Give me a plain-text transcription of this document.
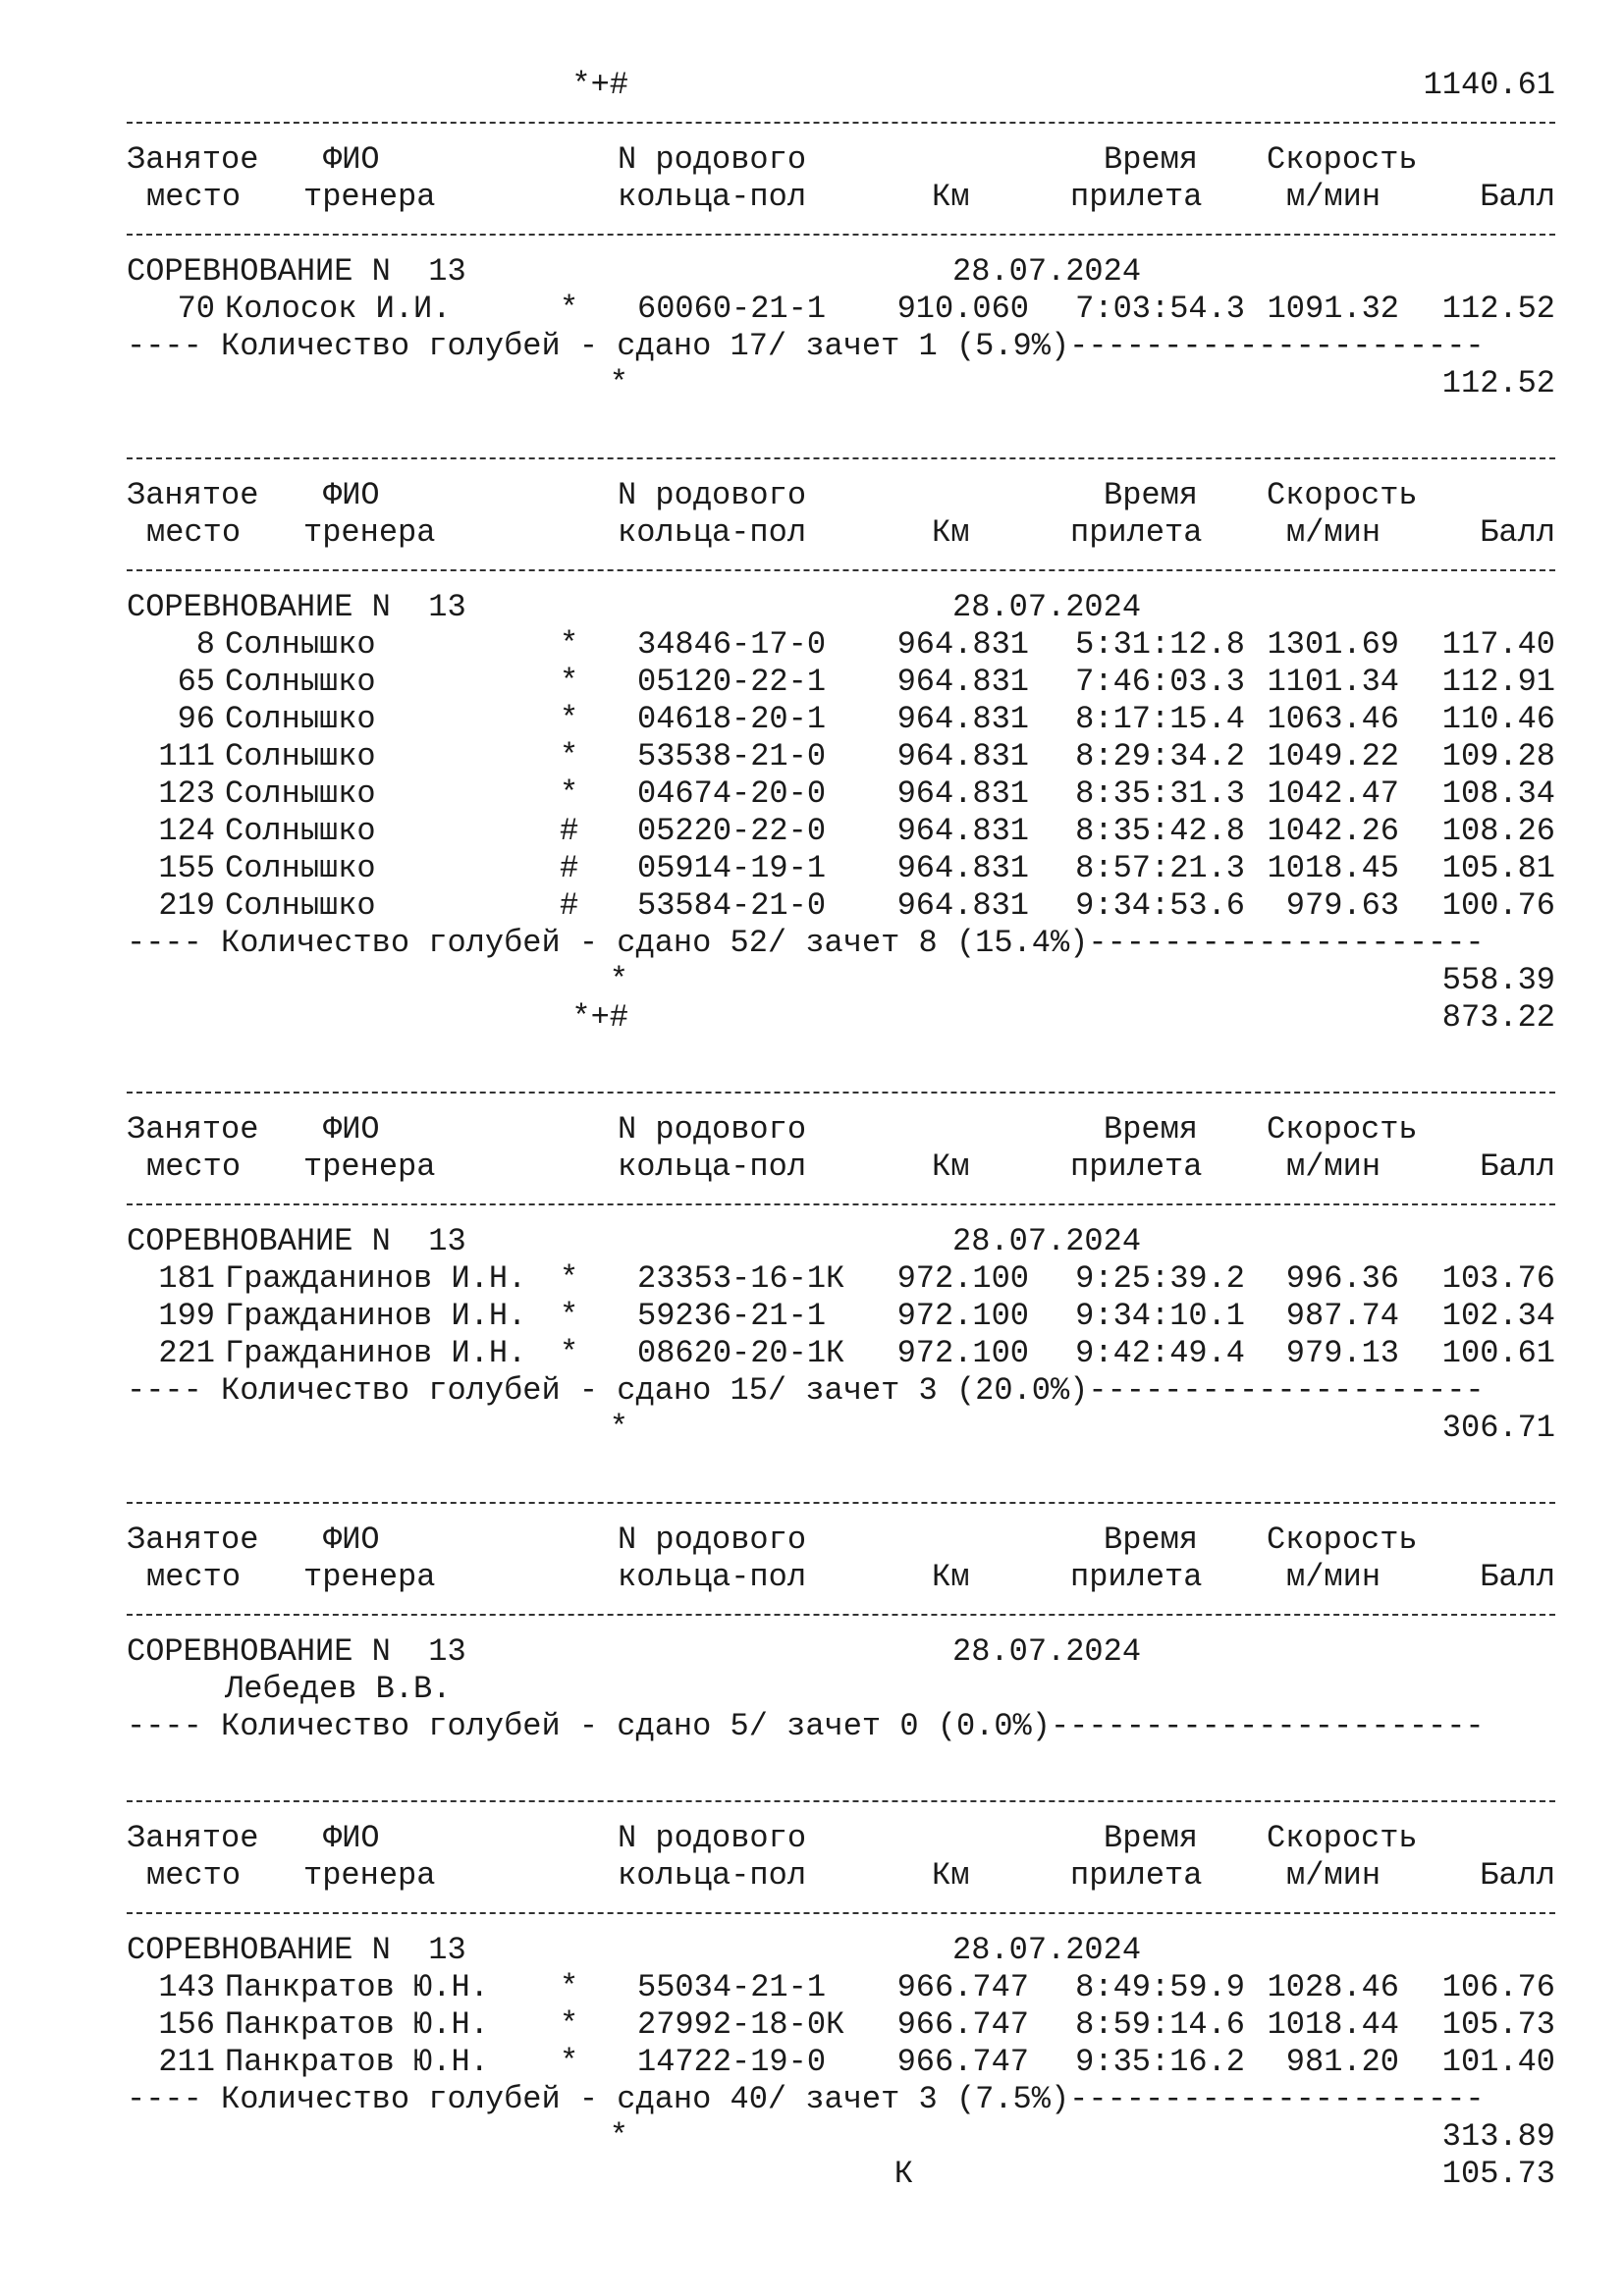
*+#	1140.61
Занятое ФИО	N родового	Время Скорость
место тренера	кольца-пол	Км	прилета	м/мин	Балл
СОРЕВНОВАНИЕ N  13	28.07.2024
70 Колосок И.И.	* 60060-21-1	910.060	7:03:54.3 1091.32	112.52
---- Количество голубей - сдано 17/ зачет 1 (5.9%)----------------------
*	112.52
Занятое ФИО	N родового	Время Скорость
место тренера	кольца-пол	Км	прилета	м/мин	Балл
СОРЕВНОВАНИЕ N  13	28.07.2024
8 Солнышко	* 34846-17-0	964.831	5:31:12.8 1301.69	117.40
65 Солнышко	* 05120-22-1	964.831	7:46:03.3 1101.34	112.91
96 Солнышко	* 04618-20-1	964.831	8:17:15.4 1063.46	110.46
111 Солнышко	* 53538-21-0	964.831	8:29:34.2 1049.22	109.28
123 Солнышко	* 04674-20-0	964.831	8:35:31.3 1042.47	108.34
124 Солнышко	# 05220-22-0	964.831	8:35:42.8 1042.26	108.26
155 Солнышко	# 05914-19-1	964.831	8:57:21.3 1018.45	105.81
219 Солнышко	# 53584-21-0	964.831	9:34:53.6	979.63	100.76
---- Количество голубей - сдано 52/ зачет 8 (15.4%)---------------------
*	558.39
*+#	873.22
Занятое ФИО	N родового	Время Скорость
место тренера	кольца-пол	Км	прилета	м/мин	Балл
СОРЕВНОВАНИЕ N  13	28.07.2024
181 Гражданинов И.Н. * 23353-16-1К	972.100	9:25:39.2	996.36	103.76
199 Гражданинов И.Н. * 59236-21-1	972.100	9:34:10.1	987.74	102.34
221 Гражданинов И.Н. * 08620-20-1К	972.100	9:42:49.4	979.13	100.61
---- Количество голубей - сдано 15/ зачет 3 (20.0%)---------------------
*	306.71
Занятое ФИО	N родового	Время Скорость
место тренера	кольца-пол	Км	прилета	м/мин	Балл
СОРЕВНОВАНИЕ N  13	28.07.2024
Лебедев В.В.
---- Количество голубей - сдано 5/ зачет 0 (0.0%)-----------------------
Занятое ФИО	N родового	Время Скорость
место тренера	кольца-пол	Км	прилета	м/мин	Балл
СОРЕВНОВАНИЕ N  13	28.07.2024
143 Панкратов Ю.Н. * 55034-21-1	966.747	8:49:59.9 1028.46	106.76
156 Панкратов Ю.Н. * 27992-18-0К	966.747	8:59:14.6 1018.44	105.73
211 Панкратов Ю.Н. * 14722-19-0	966.747	9:35:16.2	981.20	101.40
---- Количество голубей - сдано 40/ зачет 3 (7.5%)----------------------
*	313.89
К	105.73
